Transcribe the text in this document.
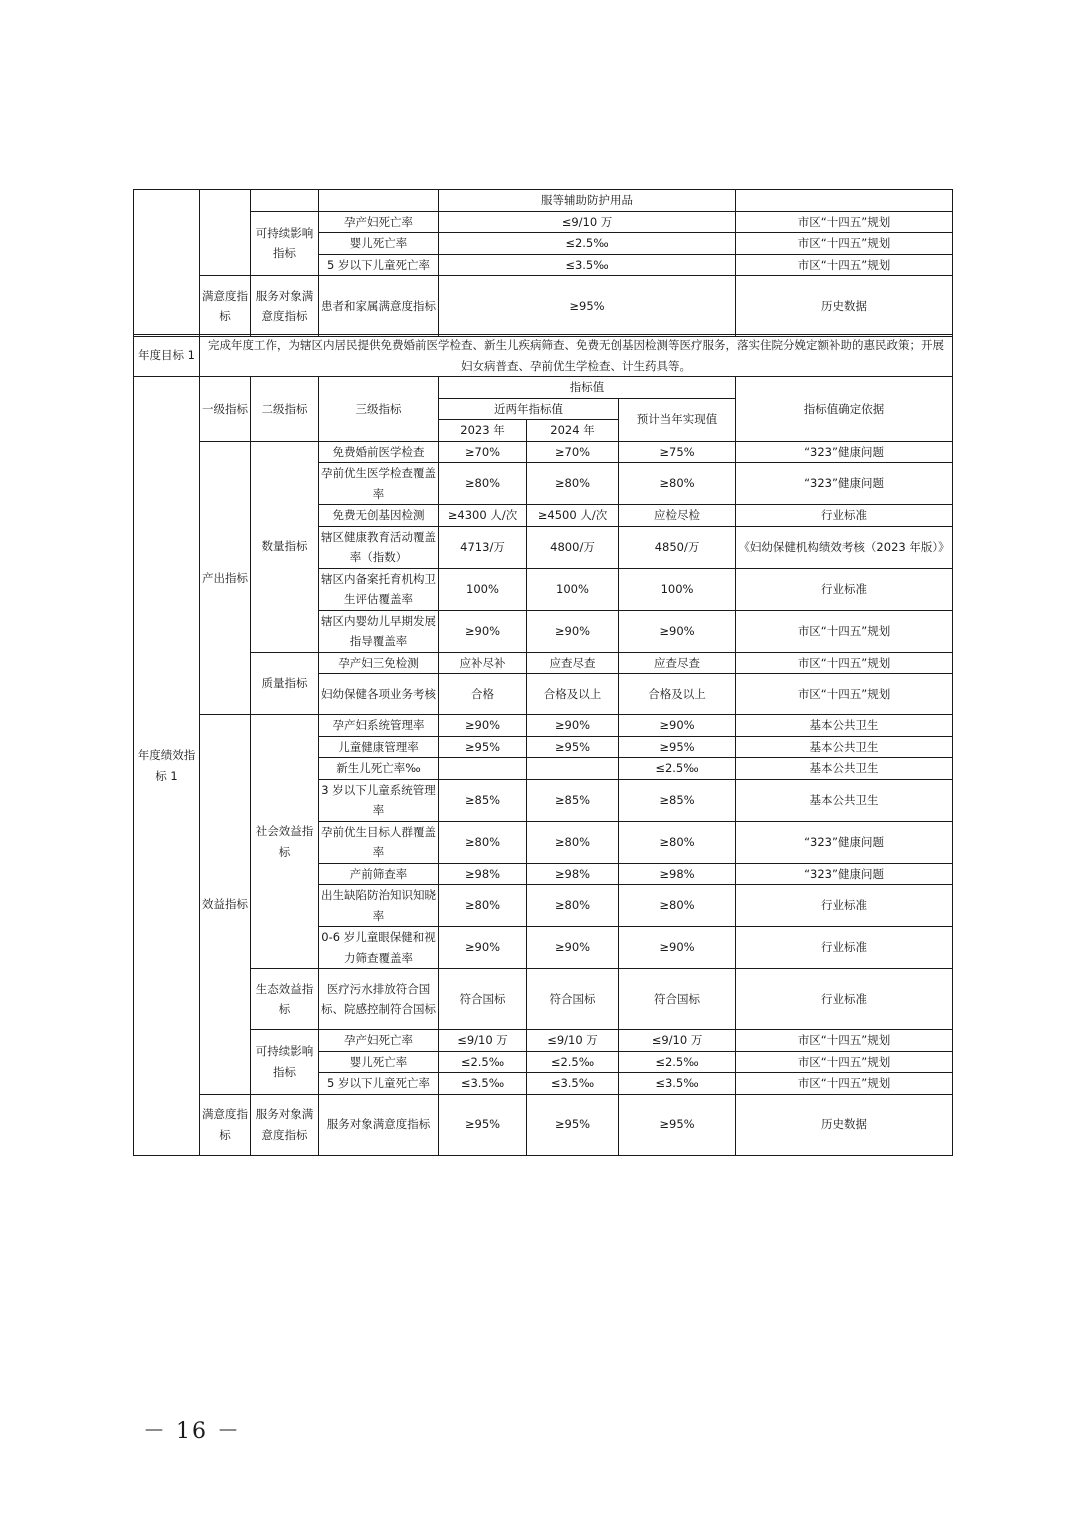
				服等辅助防护用品	
		可持续影响指标	孕产妇死亡率	≤9/10 万	市区“十四五”规划
			婴儿死亡率	≤2.5‰	市区“十四五”规划
			5 岁以下儿童死亡率	≤3.5‰	市区“十四五”规划
	满意度指标	服务对象满意度指标	患者和家属满意度指标	≥95%	历史数据
年度目标 1	完成年度工作，为辖区内居民提供免费婚前医学检查、新生儿疾病筛查、免费无创基因检测等医疗服务，落实住院分娩定额补助的惠民政策；开展妇女病普查、孕前优生学检查、计生药具等。
年度绩效指标 1	一级指标	二级指标	三级指标	指标值			指标值确定依据
				近两年指标值		预计当年实现值	
				2023 年	2024 年		
	产出指标	数量指标	免费婚前医学检查	≥70%	≥70%	≥75%	“323”健康问题
			孕前优生医学检查覆盖率	≥80%	≥80%	≥80%	“323”健康问题
			免费无创基因检测	≥4300 人/次	≥4500 人/次	应检尽检	行业标准
			辖区健康教育活动覆盖率（指数）	4713/万	4800/万	4850/万	《妇幼保健机构绩效考核（2023 年版）》
			辖区内备案托育机构卫生评估覆盖率	100%	100%	100%	行业标准
			辖区内婴幼儿早期发展指导覆盖率	≥90%	≥90%	≥90%	市区“十四五”规划
		质量指标	孕产妇三免检测	应补尽补	应查尽查	应查尽查	市区“十四五”规划
			妇幼保健各项业务考核	合格	合格及以上	合格及以上	市区“十四五”规划
	效益指标	社会效益指标	孕产妇系统管理率	≥90%	≥90%	≥90%	基本公共卫生
			儿童健康管理率	≥95%	≥95%	≥95%	基本公共卫生
			新生儿死亡率‰			≤2.5‰	基本公共卫生
			3 岁以下儿童系统管理率	≥85%	≥85%	≥85%	基本公共卫生
			孕前优生目标人群覆盖率	≥80%	≥80%	≥80%	“323”健康问题
			产前筛查率	≥98%	≥98%	≥98%	“323”健康问题
			出生缺陷防治知识知晓率	≥80%	≥80%	≥80%	行业标准
			0-6 岁儿童眼保健和视力筛查覆盖率	≥90%	≥90%	≥90%	行业标准
		生态效益指标	医疗污水排放符合国标、院感控制符合国标	符合国标	符合国标	符合国标	行业标准
		可持续影响指标	孕产妇死亡率	≤9/10 万	≤9/10 万	≤9/10 万	市区“十四五”规划
			婴儿死亡率	≤2.5‰	≤2.5‰	≤2.5‰	市区“十四五”规划
			5 岁以下儿童死亡率	≤3.5‰	≤3.5‰	≤3.5‰	市区“十四五”规划
	满意度指标	服务对象满意度指标	服务对象满意度指标	≥95%	≥95%	≥95%	历史数据
－ 16 －
